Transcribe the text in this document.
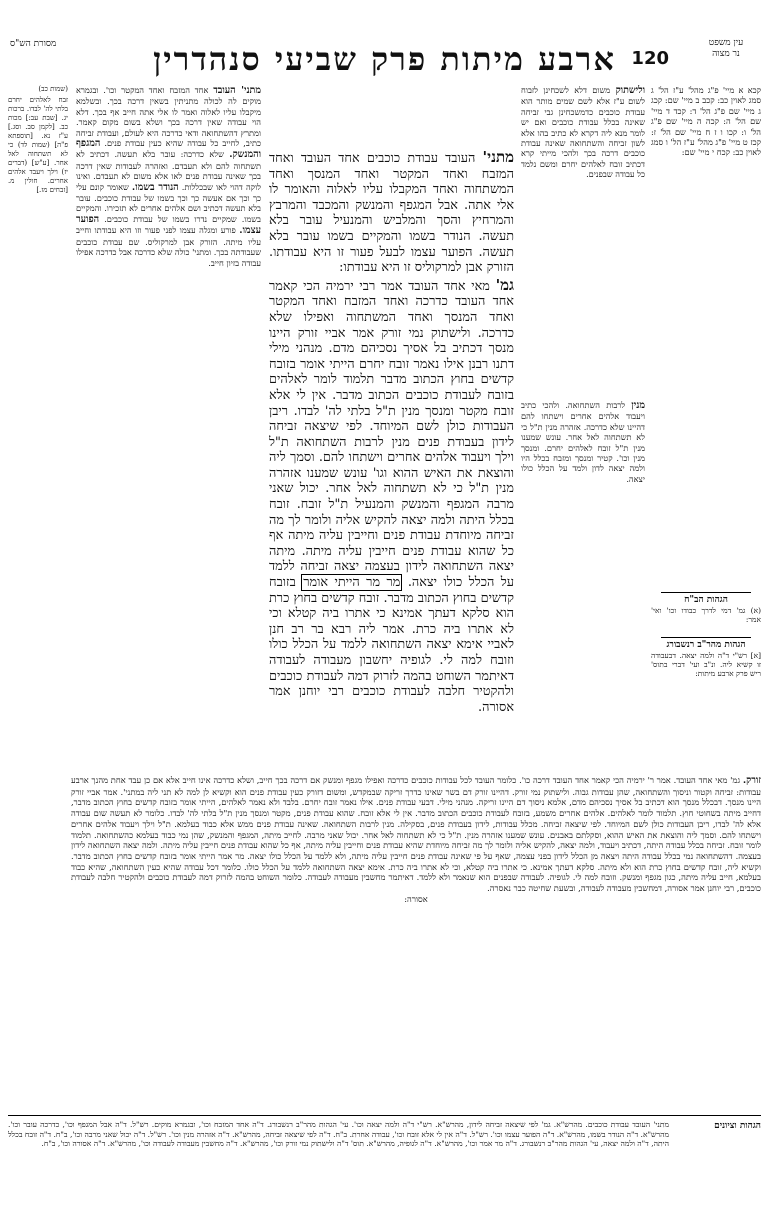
עין משפט
נר מצוה
120
ארבע מיתות פרק שביעי סנהדרין
מסורת הש"ס

קכא א מיי' פ"ג מהל' ע"ז הל' ג סמג לאוין כב: קכב ב מיי' שם: קכג ג מיי' שם פ"ג הל' ד: קכד ד מיי' שם הל' ה: קכה ה מיי' שם פ"ג הל' ו: קכו ו ז ח מיי' שם הל' ז: קכז ט מיי' פ"ג מהל' ע"ז הל' ו סמג לאוין כב: קכח י מיי' שם:

הגהות הב"ח
(א) גמ' דמי לדרך כבודו וכו' ואי' אמר:
הגהות מהר"ב רנשבורג
[א] רש"י ד"ה ולמה יצאה. דבעבודה זו קשיא ליה. ונ"ב ועי' דברי בתוס' ריש פרק ארבע מיתות:

ולישתוק משום דלא לשכחינן לזבוח לשום ע"ז אלא לשם שמים מותר הוא עבודת כוכבים כדמשכחינן גבי זביחה שאינה בכלל עבודת כוכבים ואם יש לומר מנא ליה דקרא לא כתיב בהו אלא לשון זביחה והשתחואה שאינה עבודת כוכבים דרכה בכך ולהכי מייתי קרא דכתיב זובח לאלהים יחרם ומשם נלמד כל עבודה שבפנים.

מנין לרבות השתחואה. ולהכי כתיב ויעבוד אלהים אחרים וישתחו להם דהיינו שלא כדרכה. אזהרה מנין ת"ל כי לא תשתחוה לאל אחר. עונש שמענו מנין ת"ל זובח לאלהים יחרם. ומנסך מנין וכו'. קטיר ומנסך ומזבח בכלל היו ולמה יצאה לדון ולמד על הכלל כולו יצאה.

מתני' העובד עבודת כוכבים אחד העובד ואחד המזבח ואחד המקטר ואחד המנסך ואחד המשתחוה ואחד המקבלו עליו לאלוה והאומר לו אלי אתה. אבל המגפף והמנשק והמכבד והמרבץ והמרחיץ והסך והמלביש והמנעיל עובר בלא תעשה. הנודר בשמו והמקיים בשמו עובר בלא תעשה. הפוער עצמו לבעל פעור זו היא עבודתו. הזורק אבן למרקוליס זו היא עבודתו:

גמ' מאי אחד העובד אמר רבי ירמיה הכי קאמר אחד העובד כדרכה ואחד המזבח ואחד המקטר ואחד המנסך ואחד המשתחוה ואפילו שלא כדרכה. ולישתוק נמי זורק אמר אביי זורק היינו מנסך דכתיב בל אסיך נסכיהם מדם. מנהני מילי דתנו רבנן אילו נאמר זובח יחרם הייתי אומר בזובח קדשים בחוץ הכתוב מדבר תלמוד לומר לאלהים בזובח לעבודת כוכבים הכתוב מדבר. אין לי אלא זובח מקטר ומנסך מנין ת"ל בלתי לה' לבדו. ריבן העבודות כולן לשם המיוחד. לפי שיצאה זביחה לידון בעבודת פנים מנין לרבות השתחואה ת"ל וילך ויעבוד אלהים אחרים וישתחו להם. וסמך ליה והוצאת את האיש ההוא וגו' עונש שמענו אזהרה מנין ת"ל כי לא תשתחוה לאל אחר. יכול שאני מרבה המגפף והמנשק והמנעיל ת"ל זובח. זובח בכלל היתה ולמה יצאה להקיש אליה ולומר לך מה זביחה מיוחדת עבודת פנים וחייבין עליה מיתה אף כל שהוא עבודת פנים חייבין עליה מיתה. מיתה יצאה השתחואה לידון בעצמה יצאה זביחה ללמד על הכלל כולו יצאה. מר מר הייתי אומר בזובח קדשים בחוץ הכתוב מדבר. זובח קדשים בחוץ כרת הוא סלקא דעתך אמינא כי אתרו ביה קטלא וכי לא אתרו ביה כרת. אמר ליה רבא בר רב חנן לאביי אימא יצאה השתחואה ללמד על הכלל כולו וזובח למה לי. לגופיה יחשבון מעבודה לעבודה דאיתמר השוחט בהמה לזרוק דמה לעבודת כוכבים ולהקטיר חלבה לעבודת כוכבים רבי יוחנן אמר אסורה.

מתני' העובד אחד המזבח ואחד המקטר וכו'. ובגמרא מוקים לה לכולה מתניתין בשאין דרכה בכך. ובשלמא מיקבלו עליו לאלוה ואמר לו אלי אתה חייב אף בכך. דלא הוי עבודה שאין דרכה בכך ושלא בשום מקום קאמר. ומתרץ דהשתחואה ודאי כדרכה היא לעולם, ועבודת זביחה כתיב, לחייב כל עבודה שהיא כעין עבודת פנים. המגפף והמנשק. שלא כדרכה: עובר בלא תעשה. דכתיב לא תשתחוה להם ולא תעבדם. ואזהרה לעבודות שאין דרכה בכך שאינה עבודת פנים לאו אלא משום לא תעבדם. ואינו לוקה דהוי לאו שבכללות. הנודר בשמו. שאומר קונם עלי כך וכך אם אעשה כך וכך בשמו של עבודת כוכבים. עובר בלא תעשה דכתיב ושם אלהים אחרים לא תזכירו. והמקיים בשמו. שמקיים נדרו בשמו של עבודת כוכבים. הפוער עצמו. פורע ומגלה עצמו לפני פעור וזו היא עבודתו וחייב עליו מיתה. הזורק אבן למרקוליס. שם עבודת כוכבים שעבודתה בכך. ומתני' כולה שלא כדרכה אבל כדרכה אפילו עבודה בזיון חייב.

(שמות כב)

זבח לאלהים יחרם בלתי לה' לבדו. ברכות יג. [שבת עב:] מכות כב. [לקמן סב. וסג.] ע"ז נא. [תוספתא פ"ה] (שמות לד) כי לא תשתחוה לאל אחר. [ע"ש] (דברים יז) וילך ויעבד אלהים אחרים. חולין מ. [זבחים מז.]

זורק. גמ' מאי אחד העובד. אמר ר' ירמיה הכי קאמר אחד העובד דרכה כו'. כלומר העובד לכל עבודות כוכבים כדרכה ואפילו מגפף ומנשק אם דרכה בכך חייב, ושלא כדרכה אינו חייב אלא אם כן עבד אחת מהנך ארבע עבודות: זביחה וקטור וניסוך והשתחואה, שהן עבודות גבוה. ולישתוק נמי זורק. דהיינו זורק דם בשר שאינו כדרך זריקה שבמקדש, ומשום דזורק כעין עבודת פנים הוא וקשיא לן למה לא תני ליה במתני'. אמר אביי זורק היינו מנסך. דבכלל מנסך הוא דכתיב בל אסיך נסכיהם מדם, אלמא ניסוך דם היינו זריקה. מנהני מילי. דבעי עבודת פנים. אילו נאמר זובח יחרם. בלבד ולא נאמר לאלהים, הייתי אומר בזובח קדשים בחוץ הכתוב מדבר, דחייב מיתה בשחוטי חוץ. תלמוד לומר לאלהים. אלהים אחרים משמע, בזובח לעבודת כוכבים הכתוב מדבר. אין לי אלא זובח. שהוא עבודת פנים, מקטר ומנסך מנין ת"ל בלתי לה' לבדו. כלומר לא תעשה שום עבודה אלא לה' לבדו, ריבן העבודות כולן לשם המיוחד. לפי שיצאה זביחה. מכלל עבודות, לידון בעבודת פנים, בסקילה. מנין לרבות השתחואה. שאינה עבודת פנים ממש אלא כבוד בעלמא. ת"ל וילך ויעבוד אלהים אחרים וישתחו להם. וסמך ליה והוצאת את האיש ההוא, וסקלתם באבנים. עונש שמענו אזהרה מנין. ת"ל כי לא תשתחוה לאל אחר. יכול שאני מרבה. לחייב מיתה, המגפף והמנשק, שהן נמי כבוד בעלמא כהשתחואה. תלמוד לומר זובח. זביחה בכלל עבודה היתה, דכתיב ויעבוד, ולמה יצאה, להקיש אליה ולומר לך מה זביחה מיוחדת שהיא עבודת פנים וחייבין עליה מיתה, אף כל שהוא עבודת פנים חייבין עליה מיתה. ולמה יצאה השתחואה לידון בעצמה. דהשתחואה נמי בכלל עבודה היתה ויצאה מן הכלל לידון בפני עצמה, שאף על פי שאינה עבודת פנים חייבין עליה מיתה, ולא ללמד על הכלל כולו יצאה. מר אמר הייתי אומר בזובח קדשים בחוץ הכתוב מדבר. וקשיא ליה, זובח קדשים בחוץ כרת הוא ולא מיתה. סלקא דעתך אמינא. כי אתרו ביה קטלא, וכי לא אתרו ביה כרת. אימא יצאה השתחואה ללמד על הכלל כולו. כלומר דכל עבודה שהיא כעין השתחואה, שהיא כבוד בעלמא, חייב עליה מיתה, כגון מגפף ומנשק. וזובח למה לי. לגופיה. לעבודה שבפנים הוא שנאמר ולא ללמד. דאיתמר מחשבין מעבודה לעבודה. כלומר השוחט בהמה לזרוק דמה לעבודת כוכבים ולהקטיר חלבה לעבודת כוכבים, רבי יוחנן אמר אסורה, דמחשבין מעבודה לעבודה, ובשעת שחיטה כבר נאסרה.

אסורה:

הגהות וציונים
מתני' העובד עבודת כוכבים. מהרש"א. גמ' לפי שיצאה זביחה לידון, מהרש"א. רש"י ד"ה ולמה יצאה וכו'. עי' הגהות מהר"ב רנשבורג. ד"ה אחד המזבח וכו', ובגמרא מוקים. רש"ל. ד"ה אבל המגפף וכו', כדרכה עובר וכו'. מהרש"א. ד"ה הנודר בשמו, מהרש"א. ד"ה הפוער עצמו וכו'. רש"ל. ד"ה אין לי אלא זובח וכו', עבודה אחרת. ב"ח. ד"ה לפי שיצאה זביחה, מהרש"א. ד"ה אזהרה מנין וכו'. רש"ל. ד"ה יכול שאני מרבה וכו', ב"ח. ד"ה זובח בכלל היתה, ד"ה ולמה יצאה, עי' הגהות מהר"ב רנשבורג. ד"ה מר אמר וכו', מהרש"א. ד"ה לגופיה, מהרש"א. תוס' ד"ה ולישתוק נמי זורק וכו', מהרש"א. ד"ה מחשבין מעבודה לעבודה וכו', מהרש"א. ד"ה אסורה וכו', ב"ח.
